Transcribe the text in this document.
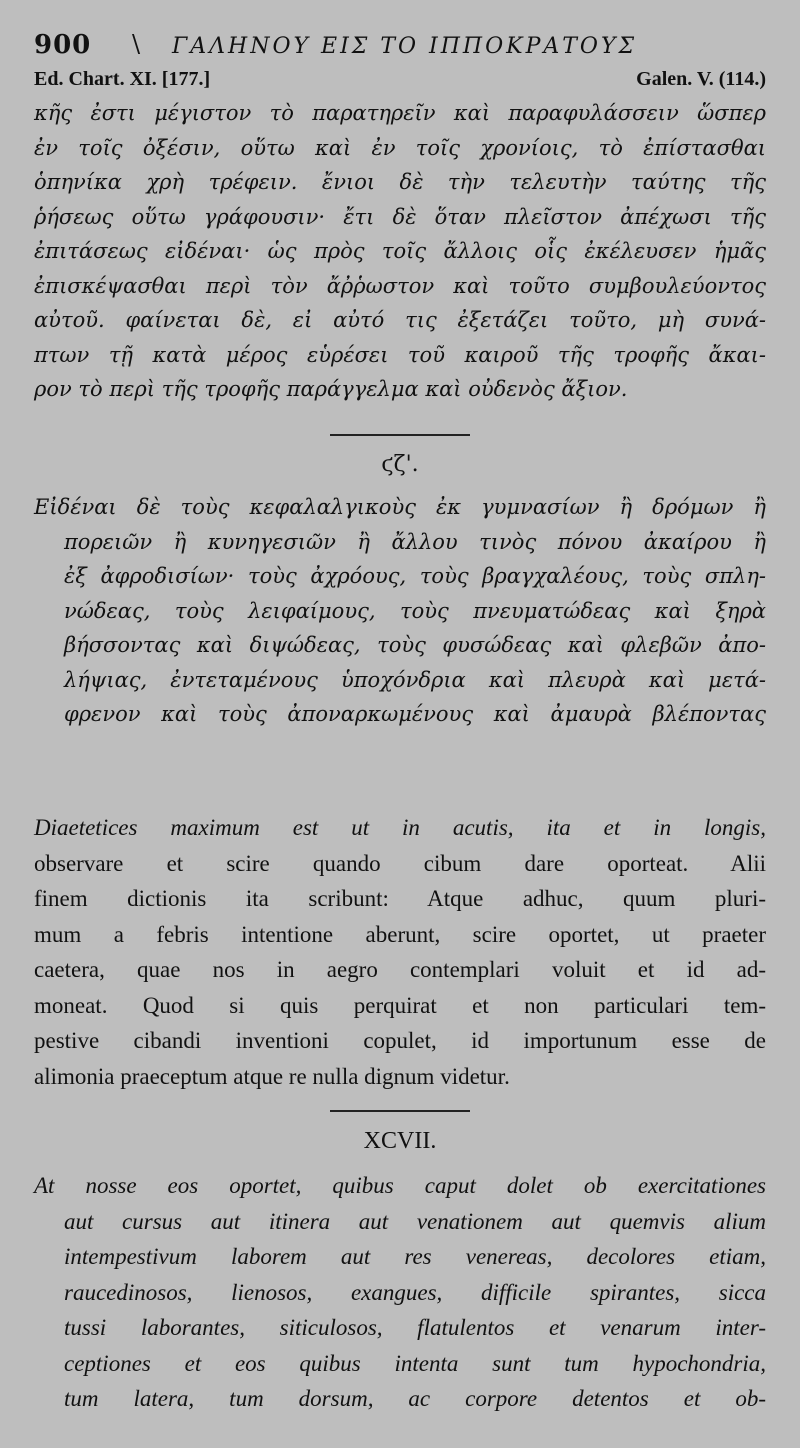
900 \ ΓΑΛΗΝΟΥ ΕΙΣ ΤΟ ΙΠΠΟΚΡΑΤΟΥΣ
Ed. Chart. XI. [177.]	Galen. V. (114.)
κῆς ἐστι μέγιστον τὸ παρατηρεῖν καὶ παραφυλάσσειν ὥσπερ
ἐν τοῖς ὀξέσιν, οὕτω καὶ ἐν τοῖς χρονίοις, τὸ ἐπίστασθαι
ὁπηνίκα χρὴ τρέφειν. ἔνιοι δὲ τὴν τελευτὴν ταύτης τῆς
ῥήσεως οὕτω γράφουσιν· ἔτι δὲ ὅταν πλεῖστον ἀπέχωσι τῆς
ἐπιτάσεως εἰδέναι· ὡς πρὸς τοῖς ἄλλοις οἷς ἐκέλευσεν ἡμᾶς
ἐπισκέψασθαι περὶ τὸν ἄῤῥωστον καὶ τοῦτο συμβουλεύοντος
αὐτοῦ. φαίνεται δὲ, εἰ αὐτό τις ἐξετάζει τοῦτο, μὴ συνά-
πτων τῇ κατὰ μέρος εὑρέσει τοῦ καιροῦ τῆς τροφῆς ἄκαι-
ρον τὸ περὶ τῆς τροφῆς παράγγελμα καὶ οὐδενὸς ἄξιον.
ϛζ'.
Εἰδέναι δὲ τοὺς κεφαλαλγικοὺς ἐκ γυμνασίων ἢ δρόμων ἢ
πορειῶν ἢ κυνηγεσιῶν ἢ ἄλλου τινὸς πόνου ἀκαίρου ἢ
ἐξ ἀφροδισίων· τοὺς ἀχρόους, τοὺς βραγχαλέους, τοὺς σπλη-
νώδεας, τοὺς λειφαίμους, τοὺς πνευματώδεας καὶ ξηρὰ
βήσσοντας καὶ διψώδεας, τοὺς φυσώδεας καὶ φλεβῶν ἀπο-
λήψιας, ἐντεταμένους ὑποχόνδρια καὶ πλευρὰ καὶ μετά-
φρενον καὶ τοὺς ἀποναρκωμένους καὶ ἀμαυρὰ βλέποντας
Diaetetices maximum est ut in acutis, ita et in longis,
observare et scire quando cibum dare oporteat. Alii
finem dictionis ita scribunt: Atque adhuc, quum pluri-
mum a febris intentione aberunt, scire oportet, ut praeter
caetera, quae nos in aegro contemplari voluit et id ad-
moneat. Quod si quis perquirat et non particulari tem-
pestive cibandi inventioni copulet, id importunum esse de
alimonia praeceptum atque re nulla dignum videtur.
XCVII.
At nosse eos oportet, quibus caput dolet ob exercitationes
aut cursus aut itinera aut venationem aut quemvis alium
intempestivum laborem aut res venereas, decolores etiam,
raucedinosos, lienosos, exangues, difficile spirantes, sicca
tussi laborantes, siticulosos, flatulentos et venarum inter-
ceptiones et eos quibus intenta sunt tum hypochondria,
tum latera, tum dorsum, ac corpore detentos et ob-
